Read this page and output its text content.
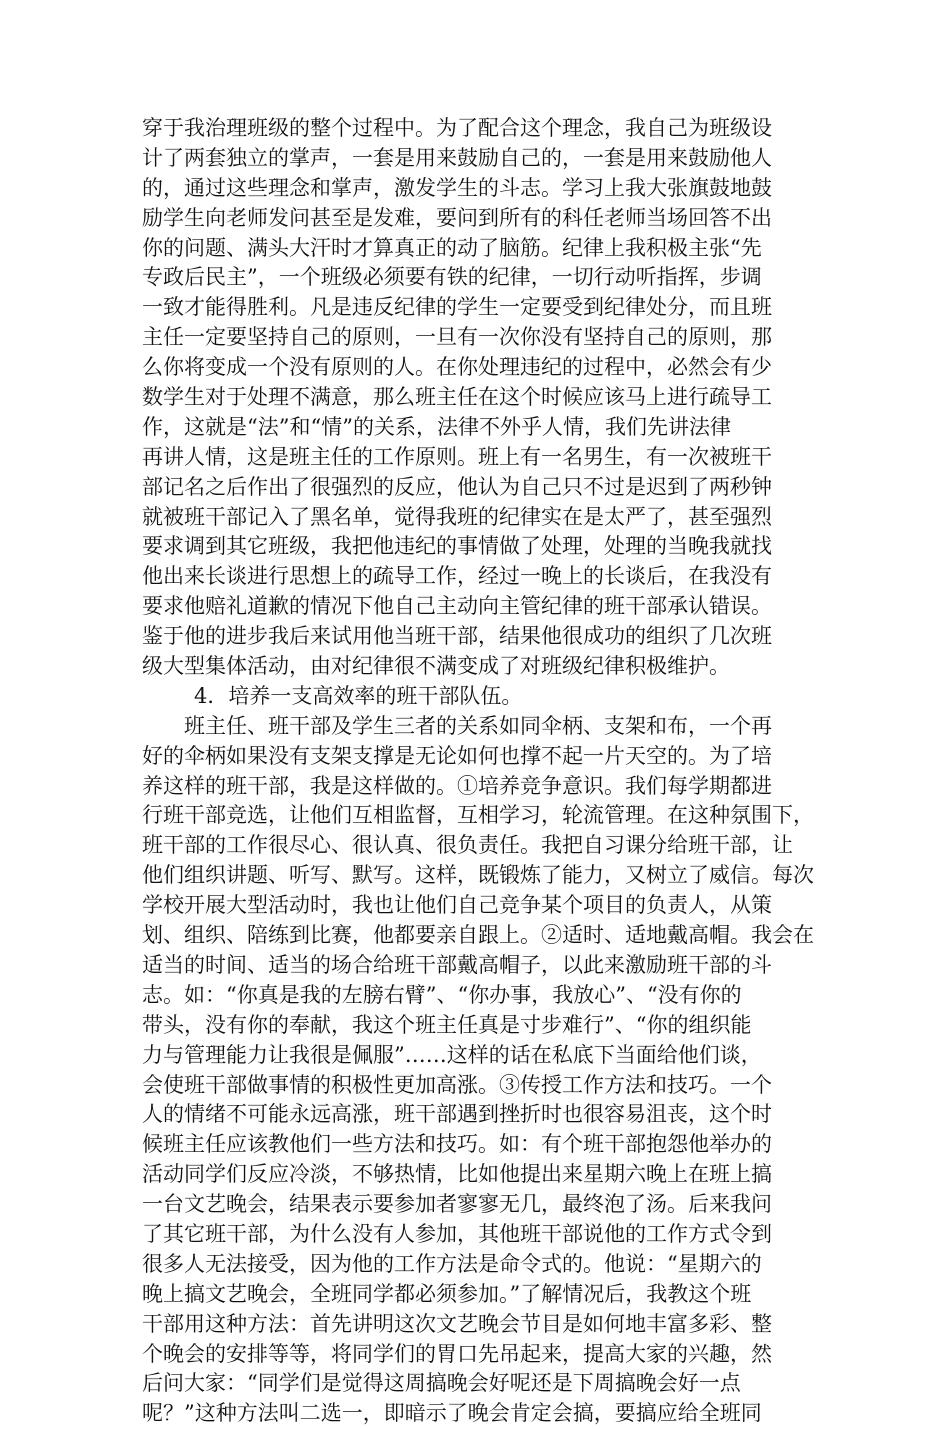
穿于我治理班级的整个过程中。为了配合这个理念，我自己为班级设
计了两套独立的掌声，一套是用来鼓励自己的，一套是用来鼓励他人
的，通过这些理念和掌声，激发学生的斗志。学习上我大张旗鼓地鼓
励学生向老师发问甚至是发难，要问到所有的科任老师当场回答不出
你的问题、满头大汗时才算真正的动了脑筋。纪律上我积极主张“先
专政后民主”，一个班级必须要有铁的纪律，一切行动听指挥，步调
一致才能得胜利。凡是违反纪律的学生一定要受到纪律处分，而且班
主任一定要坚持自己的原则，一旦有一次你没有坚持自己的原则，那
么你将变成一个没有原则的人。在你处理违纪的过程中，必然会有少
数学生对于处理不满意，那么班主任在这个时候应该马上进行疏导工
作，这就是“法”和“情”的关系，法律不外乎人情，我们先讲法律
再讲人情，这是班主任的工作原则。班上有一名男生，有一次被班干
部记名之后作出了很强烈的反应，他认为自己只不过是迟到了两秒钟
就被班干部记入了黑名单，觉得我班的纪律实在是太严了，甚至强烈
要求调到其它班级，我把他违纪的事情做了处理，处理的当晚我就找
他出来长谈进行思想上的疏导工作，经过一晚上的长谈后，在我没有
要求他赔礼道歉的情况下他自己主动向主管纪律的班干部承认错误。
鉴于他的进步我后来试用他当班干部，结果他很成功的组织了几次班
级大型集体活动，由对纪律很不满变成了对班级纪律积极维护。
4．培养一支高效率的班干部队伍。
班主任、班干部及学生三者的关系如同伞柄、支架和布，一个再
好的伞柄如果没有支架支撑是无论如何也撑不起一片天空的。为了培
养这样的班干部，我是这样做的。①培养竞争意识。我们每学期都进
行班干部竞选，让他们互相监督，互相学习，轮流管理。在这种氛围下，
班干部的工作很尽心、很认真、很负责任。我把自习课分给班干部，让
他们组织讲题、听写、默写。这样，既锻炼了能力，又树立了威信。每次
学校开展大型活动时，我也让他们自己竞争某个项目的负责人，从策
划、组织、陪练到比赛，他都要亲自跟上。②适时、适地戴高帽。我会在
适当的时间、适当的场合给班干部戴高帽子，以此来激励班干部的斗
志。如：“你真是我的左膀右臂”、“你办事，我放心”、“没有你的
带头，没有你的奉献，我这个班主任真是寸步难行”、“你的组织能
力与管理能力让我很是佩服”……这样的话在私底下当面给他们谈，
会使班干部做事情的积极性更加高涨。③传授工作方法和技巧。一个
人的情绪不可能永远高涨，班干部遇到挫折时也很容易沮丧，这个时
候班主任应该教他们一些方法和技巧。如：有个班干部抱怨他举办的
活动同学们反应冷淡，不够热情，比如他提出来星期六晚上在班上搞
一台文艺晚会，结果表示要参加者寥寥无几，最终泡了汤。后来我问
了其它班干部，为什么没有人参加，其他班干部说他的工作方式令到
很多人无法接受，因为他的工作方法是命令式的。他说：“星期六的
晚上搞文艺晚会，全班同学都必须参加。”了解情况后，我教这个班
干部用这种方法：首先讲明这次文艺晚会节目是如何地丰富多彩、整
个晚会的安排等等，将同学们的胃口先吊起来，提高大家的兴趣，然
后问大家：“同学们是觉得这周搞晚会好呢还是下周搞晚会好一点
呢？”这种方法叫二选一，即暗示了晚会肯定会搞，要搞应给全班同
